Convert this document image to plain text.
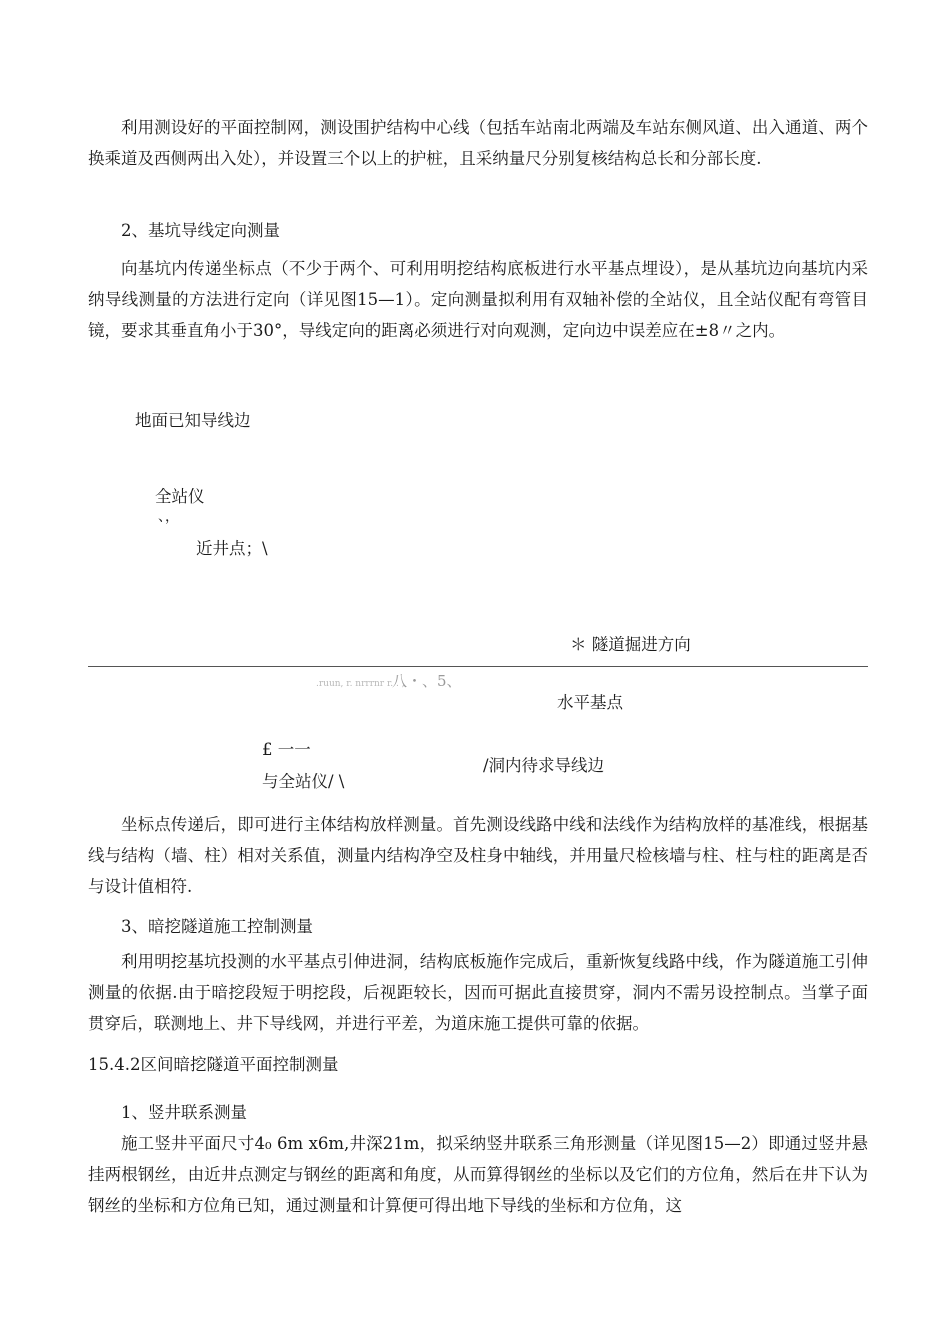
利用测设好的平面控制网，测设围护结构中心线（包括车站南北两端及车站东侧风道、出入通道、两个换乘道及西侧两出入处），并设置三个以上的护桩，且采纳量尺分别复核结构总长和分部长度.

2、基坑导线定向测量

向基坑内传递坐标点（不少于两个、可利用明挖结构底板进行水平基点埋设），是从基坑边向基坑内采纳导线测量的方法进行定向（详见图15—1）。定向测量拟利用有双轴补偿的全站仪，且全站仪配有弯管目镜，要求其垂直角小于30°，导线定向的距离必须进行对向观测，定向边中误差应在±8〃之内。

地面已知导线边
全站仪
、，
近井点；\
＊ 隧道掘进方向
.ruun, r. nrrrnr r. . ,
八・、5、
水平基点
£ 一一
与全站仪/ \
/洞内待求导线边

坐标点传递后，即可进行主体结构放样测量。首先测设线路中线和法线作为结构放样的基准线，根据基线与结构（墙、柱）相对关系值，测量内结构净空及柱身中轴线，并用量尺检核墙与柱、柱与柱的距离是否与设计值相符.

3、暗挖隧道施工控制测量

利用明挖基坑投测的水平基点引伸进洞，结构底板施作完成后，重新恢复线路中线，作为隧道施工引伸测量的依据.由于暗挖段短于明挖段，后视距较长，因而可据此直接贯穿，洞内不需另设控制点。当掌子面贯穿后，联测地上、井下导线网，并进行平差，为道床施工提供可靠的依据。

15.4.2区间暗挖隧道平面控制测量

1、竖井联系测量

施工竖井平面尺寸4₀ 6m x6m,井深21m，拟采纳竖井联系三角形测量（详见图15—2）即通过竖井悬挂两根钢丝，由近井点测定与钢丝的距离和角度，从而算得钢丝的坐标以及它们的方位角，然后在井下认为钢丝的坐标和方位角已知，通过测量和计算便可得出地下导线的坐标和方位角，这
